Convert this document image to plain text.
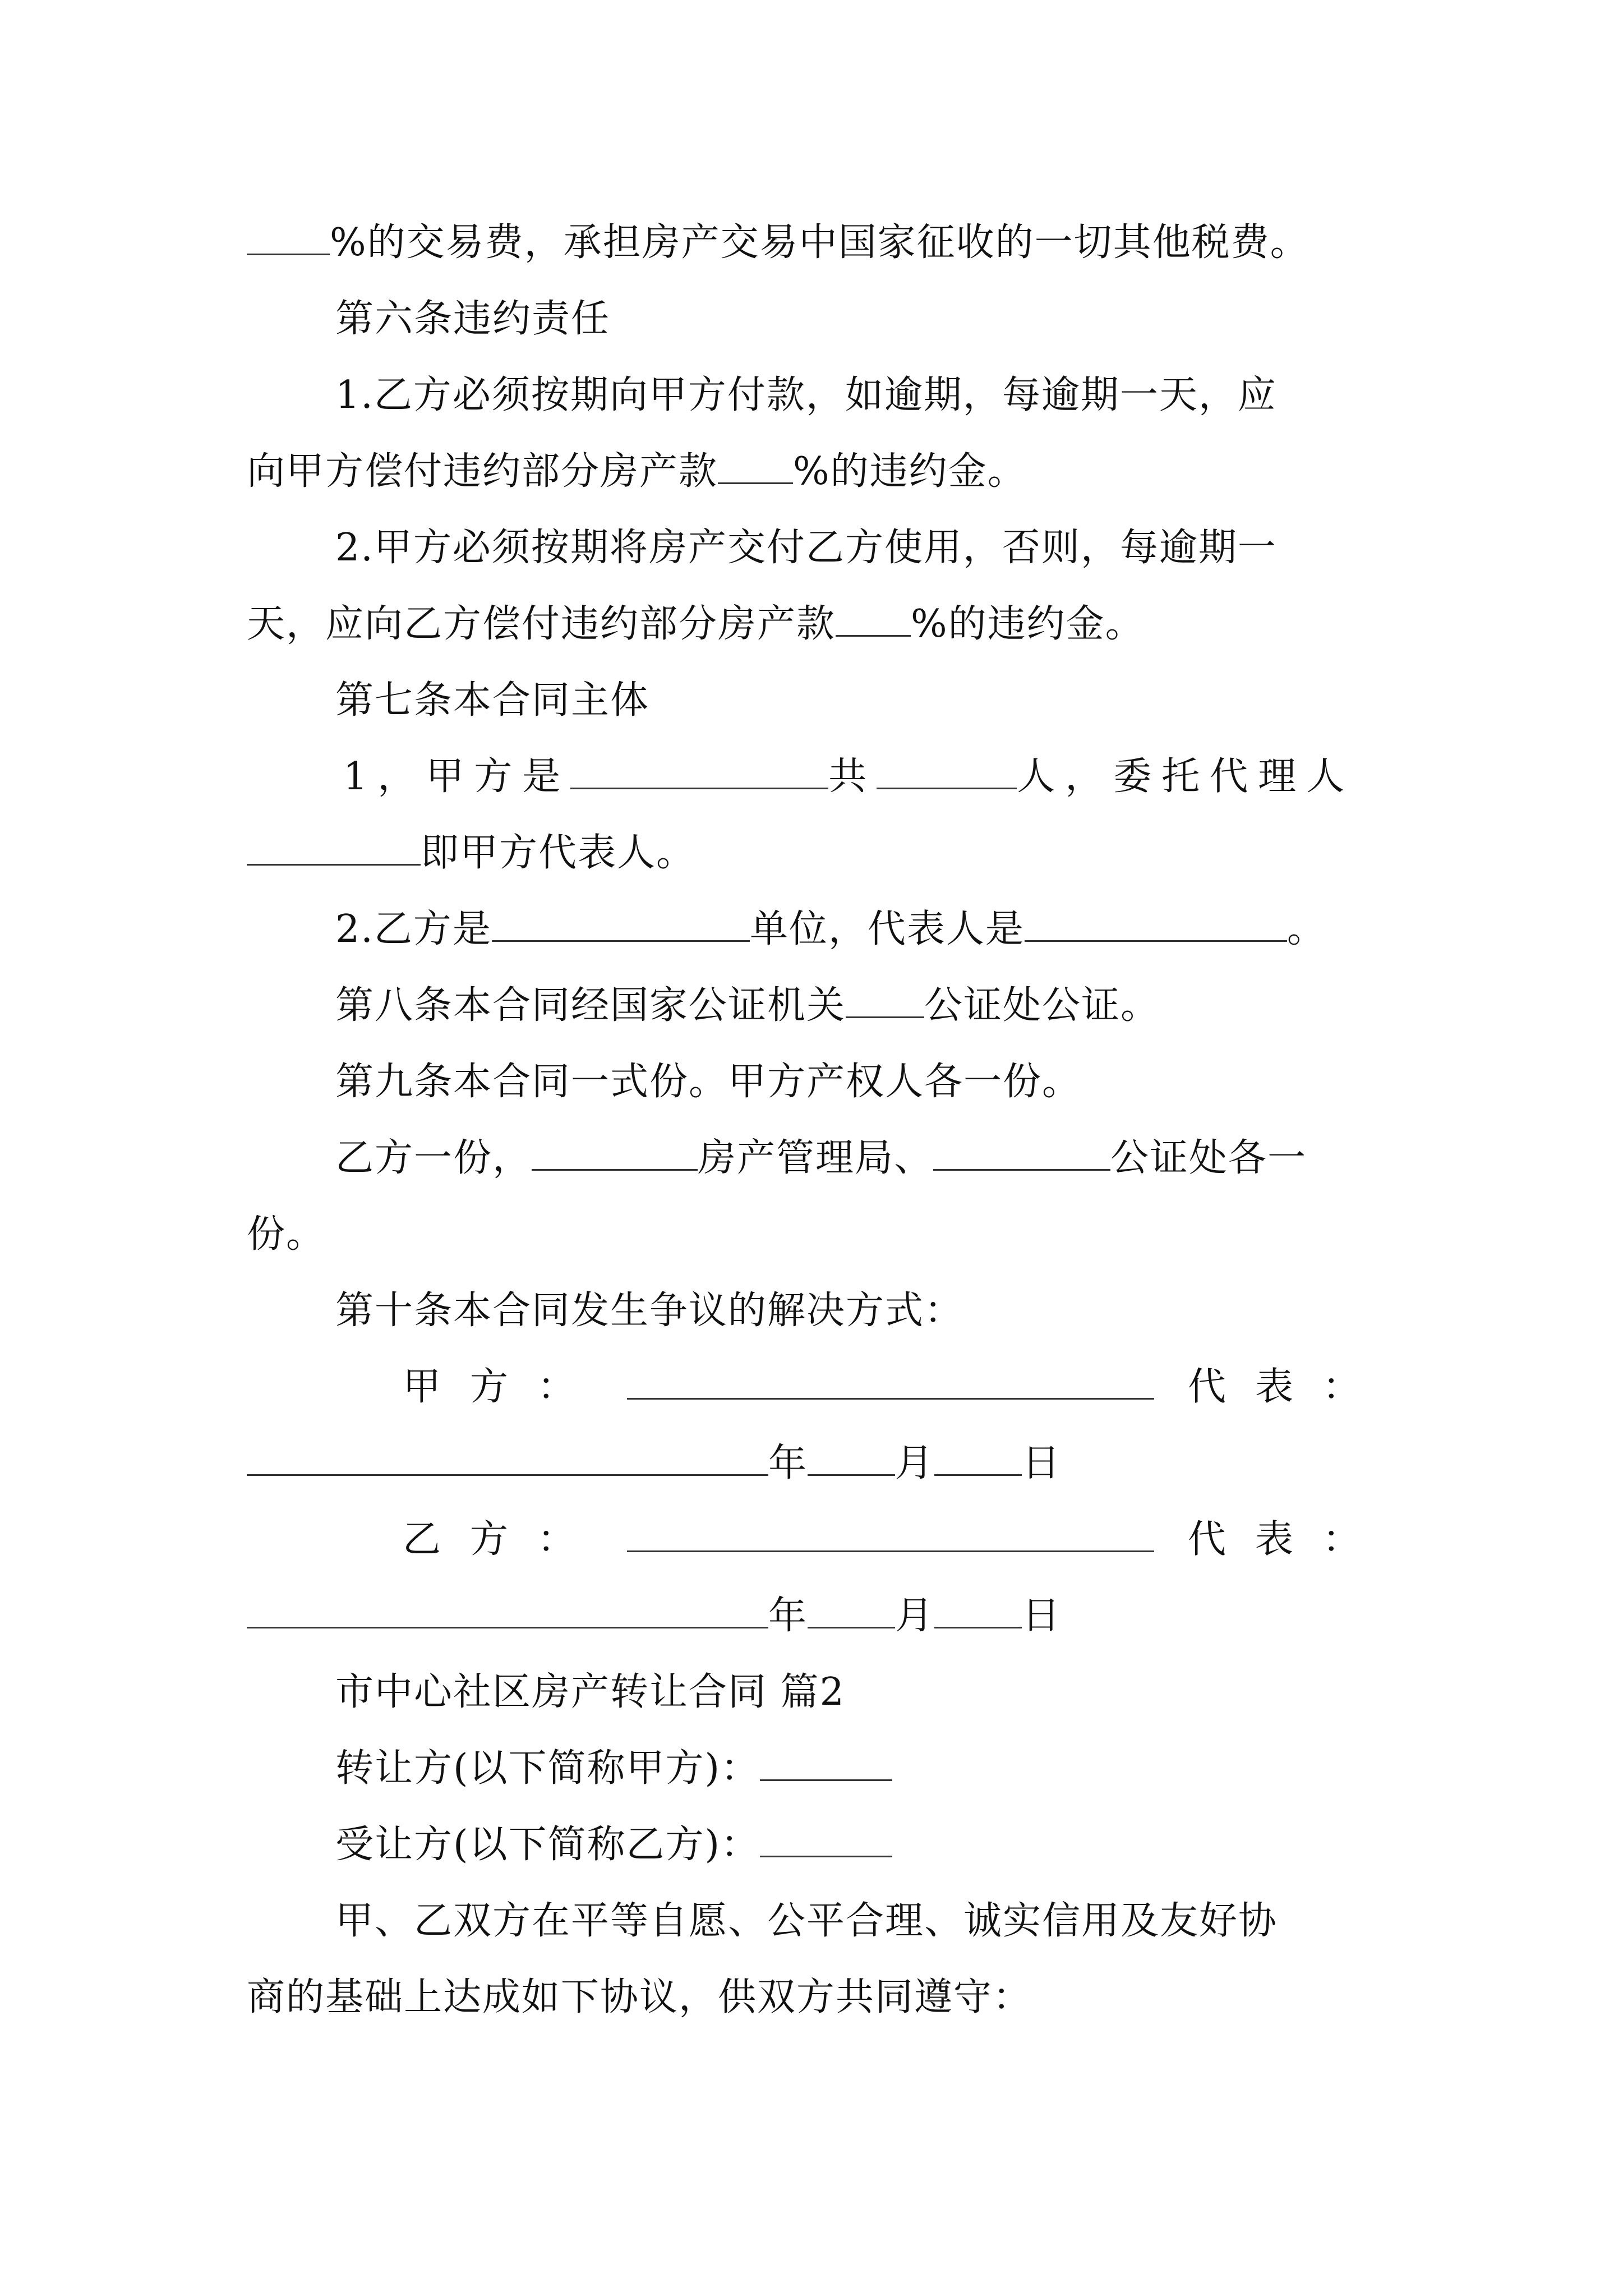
%的交易费，承担房产交易中国家征收的一切其他税费。
第六条违约责任
1.乙方必须按期向甲方付款，如逾期，每逾期一天，应
向甲方偿付违约部分房产款 %的违约金。
2.甲方必须按期将房产交付乙方使用，否则，每逾期一
天，应向乙方偿付违约部分房产款 %的违约金。
第七条本合同主体
1，甲方是	共	人，委托代理人
即甲方代表人。
2.乙方是	单位，代表人是	。
第八条本合同经国家公证机关 公证处公证。
第九条本合同一式份。甲方产权人各一份。
乙方一份，	房产管理局、	公证处各一
份。
第十条本合同发生争议的解决方式：
甲方：	代表：
年 月 日
乙方：	代表：
年 月 日
市中心社区房产转让合同 篇2
转让方(以下简称甲方)：
受让方(以下简称乙方)：
甲、乙双方在平等自愿、公平合理、诚实信用及友好协
商的基础上达成如下协议，供双方共同遵守：
